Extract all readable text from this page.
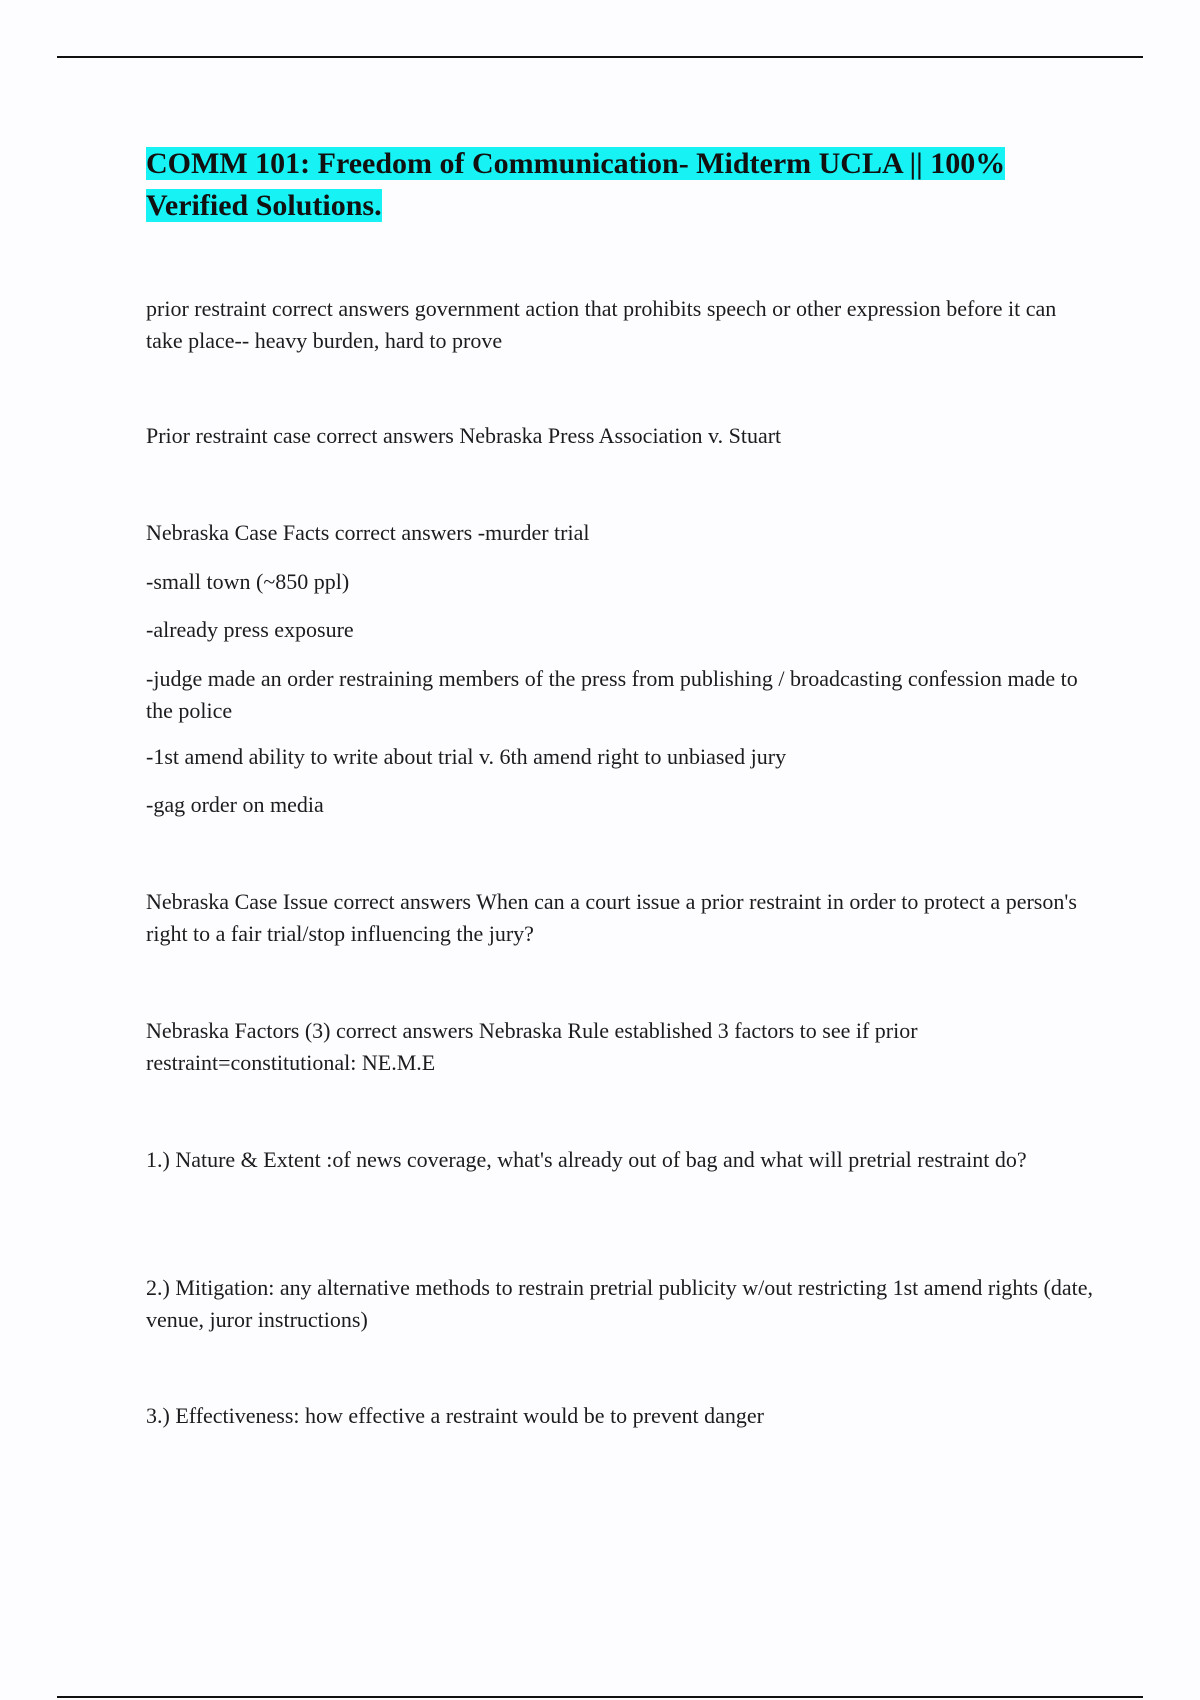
COMM 101: Freedom of Communication- Midterm UCLA || 100% Verified Solutions.

prior restraint correct answers government action that prohibits speech or other expression before it can take place-- heavy burden, hard to prove

Prior restraint case correct answers Nebraska Press Association v. Stuart

Nebraska Case Facts correct answers -murder trial

-small town (~850 ppl)

-already press exposure

-judge made an order restraining members of the press from publishing / broadcasting confession made to the police

-1st amend ability to write about trial v. 6th amend right to unbiased jury

-gag order on media

Nebraska Case Issue correct answers When can a court issue a prior restraint in order to protect a person's right to a fair trial/stop influencing the jury?

Nebraska Factors (3) correct answers Nebraska Rule established 3 factors to see if prior restraint=constitutional: NE.M.E

1.) Nature & Extent :of news coverage, what's already out of bag and what will pretrial restraint do?

2.) Mitigation: any alternative methods to restrain pretrial publicity w/out restricting 1st amend rights (date, venue, juror instructions)

3.) Effectiveness: how effective a restraint would be to prevent danger
